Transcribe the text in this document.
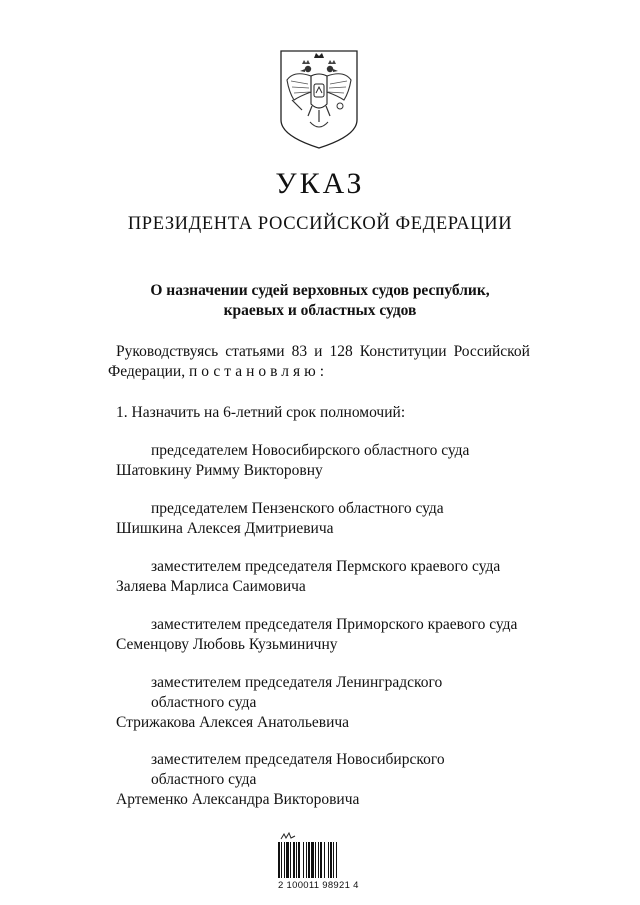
УКАЗ
ПРЕЗИДЕНТА РОССИЙСКОЙ ФЕДЕРАЦИИ
О назначении судей верховных судов республик,
краевых и областных судов
Руководствуясь статьями 83 и 128 Конституции Российской
Федерации, постановляю:
1. Назначить на 6-летний срок полномочий:
председателем Новосибирского областного суда
Шатовкину Римму Викторовну
председателем Пензенского областного суда
Шишкина Алексея Дмитриевича
заместителем председателя Пермского краевого суда
Заляева Марлиса Саимовича
заместителем председателя Приморского краевого суда
Семенцову Любовь Кузьминичну
заместителем председателя Ленинградского
областного суда
Стрижакова Алексея Анатольевича
заместителем председателя Новосибирского
областного суда
Артеменко Александра Викторовича
2 100011 98921 4
